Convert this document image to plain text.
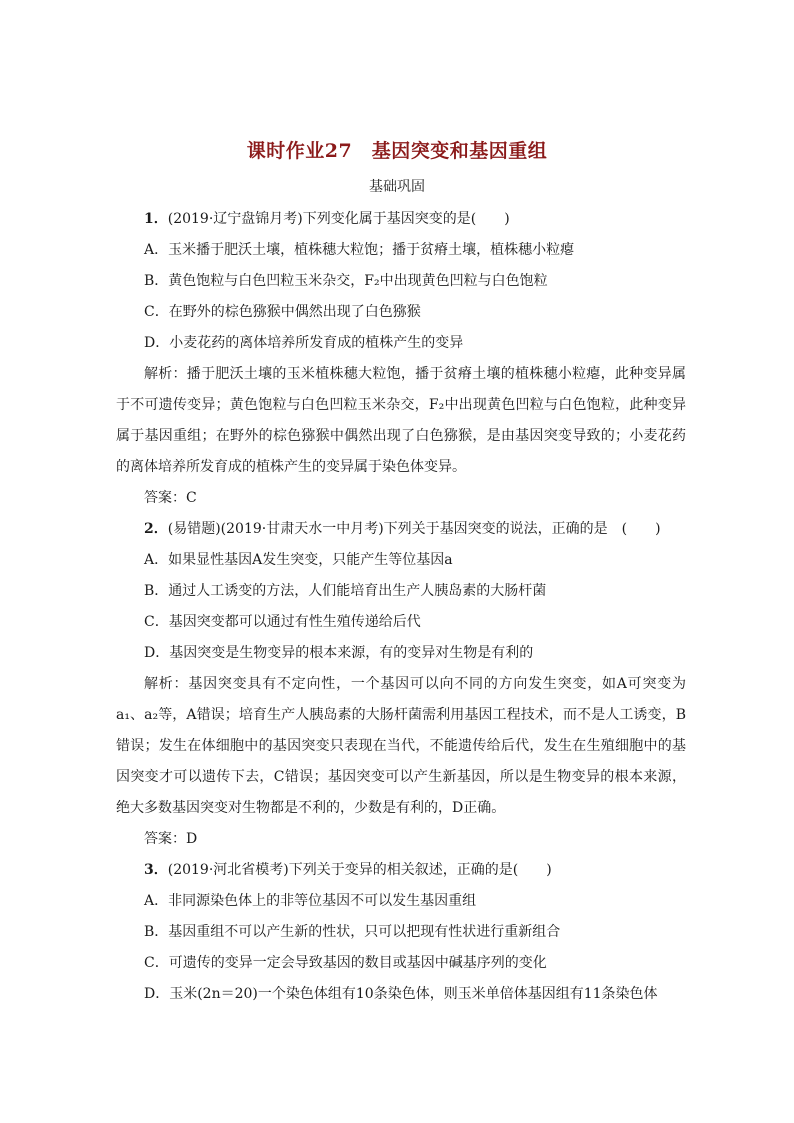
课时作业27　基因突变和基因重组
基础巩固
1．(2019·辽宁盘锦月考)下列变化属于基因突变的是(　　)
A．玉米播于肥沃土壤，植株穗大粒饱；播于贫瘠土壤，植株穗小粒瘪
B．黄色饱粒与白色凹粒玉米杂交，F₂中出现黄色凹粒与白色饱粒
C．在野外的棕色猕猴中偶然出现了白色猕猴
D．小麦花药的离体培养所发育成的植株产生的变异

解析：播于肥沃土壤的玉米植株穗大粒饱，播于贫瘠土壤的植株穗小粒瘪，此种变异属于不可遗传变异；黄色饱粒与白色凹粒玉米杂交，F₂中出现黄色凹粒与白色饱粒，此种变异属于基因重组；在野外的棕色猕猴中偶然出现了白色猕猴，是由基因突变导致的；小麦花药的离体培养所发育成的植株产生的变异属于染色体变异。

答案：C
2．(易错题)(2019·甘肃天水一中月考)下列关于基因突变的说法，正确的是　(　　)
A．如果显性基因A发生突变，只能产生等位基因a
B．通过人工诱变的方法，人们能培育出生产人胰岛素的大肠杆菌
C．基因突变都可以通过有性生殖传递给后代
D．基因突变是生物变异的根本来源，有的变异对生物是有利的

解析：基因突变具有不定向性，一个基因可以向不同的方向发生突变，如A可突变为a₁、a₂等，A错误；培育生产人胰岛素的大肠杆菌需利用基因工程技术，而不是人工诱变，B错误；发生在体细胞中的基因突变只表现在当代，不能遗传给后代，发生在生殖细胞中的基因突变才可以遗传下去，C错误；基因突变可以产生新基因，所以是生物变异的根本来源，绝大多数基因突变对生物都是不利的，少数是有利的，D正确。

答案：D
3．(2019·河北省模考)下列关于变异的相关叙述，正确的是(　　)
A．非同源染色体上的非等位基因不可以发生基因重组
B．基因重组不可以产生新的性状，只可以把现有性状进行重新组合
C．可遗传的变异一定会导致基因的数目或基因中碱基序列的变化
D．玉米(2n＝20)一个染色体组有10条染色体，则玉米单倍体基因组有11条染色体
